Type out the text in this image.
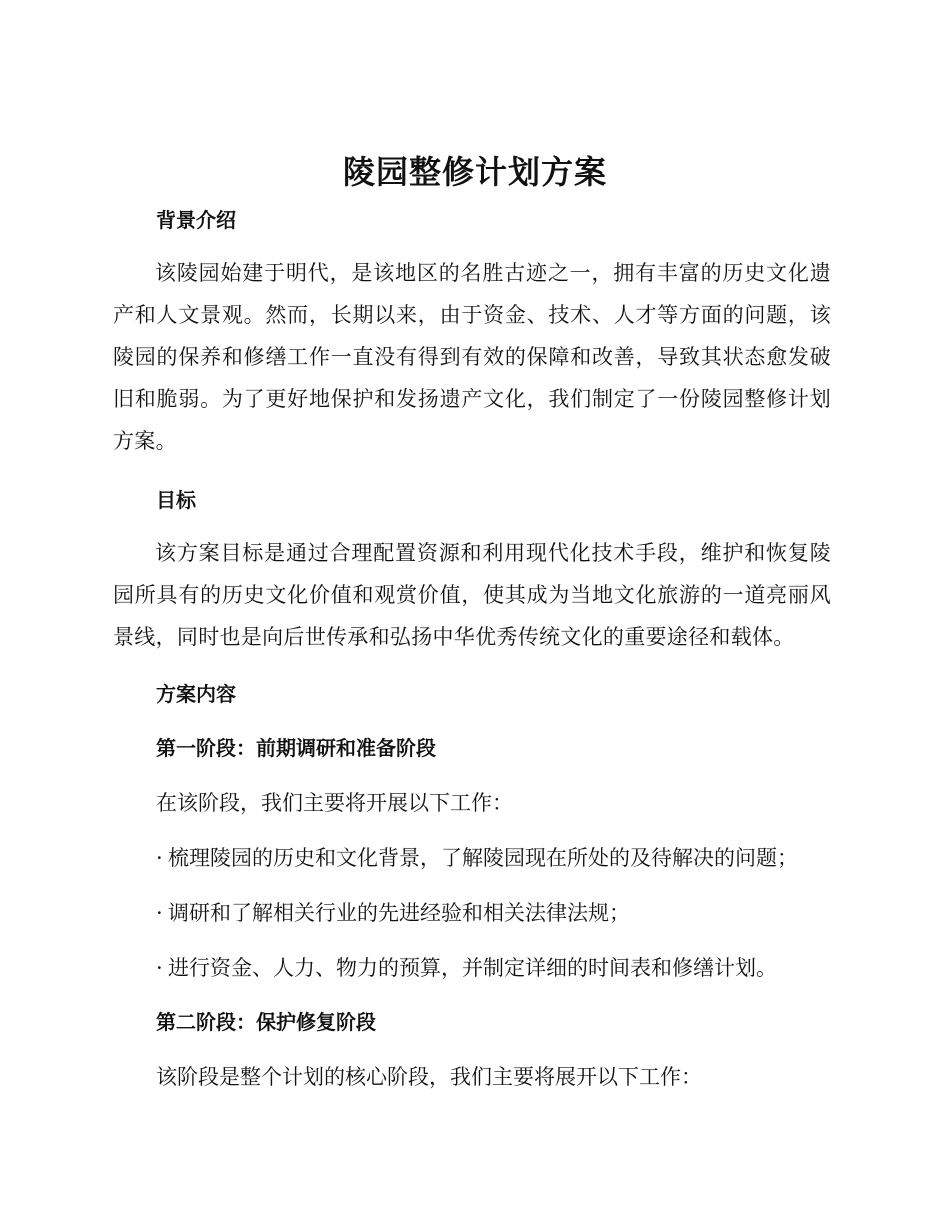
陵园整修计划方案
背景介绍
该陵园始建于明代，是该地区的名胜古迹之一，拥有丰富的历史文化遗产和人文景观。然而，长期以来，由于资金、技术、人才等方面的问题，该陵园的保养和修缮工作一直没有得到有效的保障和改善，导致其状态愈发破旧和脆弱。为了更好地保护和发扬遗产文化，我们制定了一份陵园整修计划方案。
目标
该方案目标是通过合理配置资源和利用现代化技术手段，维护和恢复陵园所具有的历史文化价值和观赏价值，使其成为当地文化旅游的一道亮丽风景线，同时也是向后世传承和弘扬中华优秀传统文化的重要途径和载体。
方案内容
第一阶段：前期调研和准备阶段
在该阶段，我们主要将开展以下工作：
· 梳理陵园的历史和文化背景，了解陵园现在所处的及待解决的问题；
· 调研和了解相关行业的先进经验和相关法律法规；
· 进行资金、人力、物力的预算，并制定详细的时间表和修缮计划。
第二阶段：保护修复阶段
该阶段是整个计划的核心阶段，我们主要将展开以下工作：
